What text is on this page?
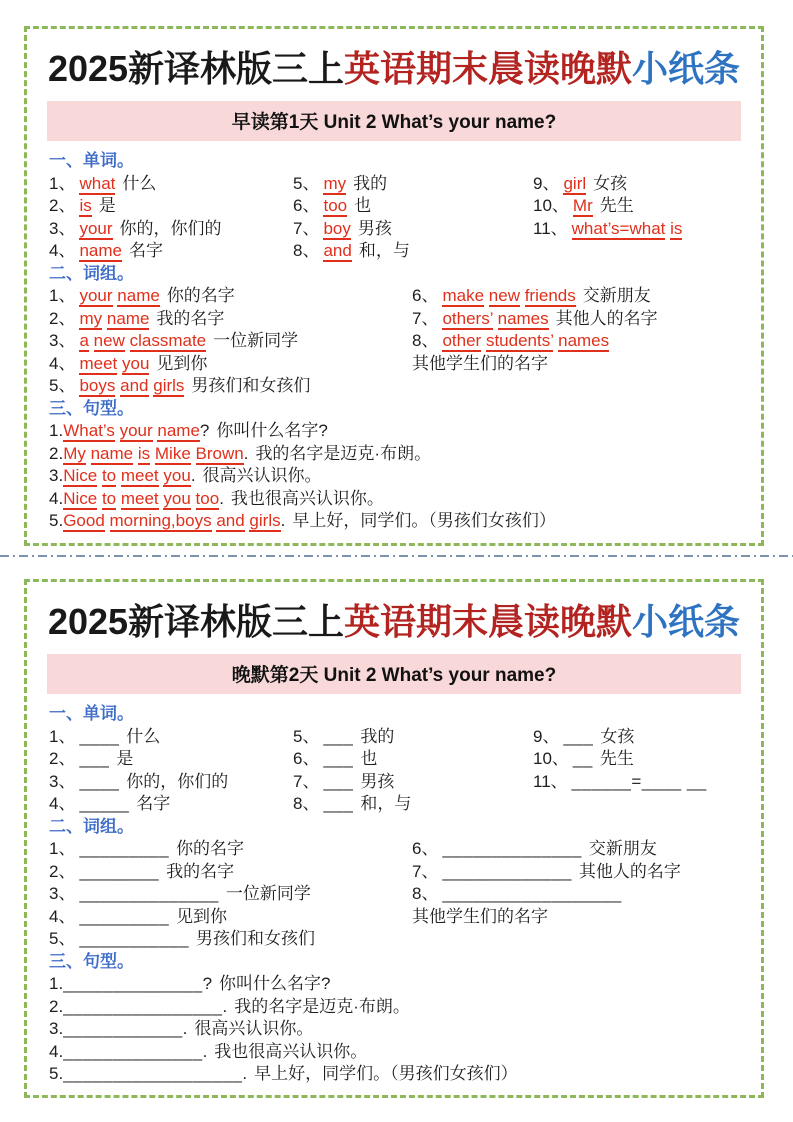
2025新译林版三上英语期末晨读晚默小纸条
早读第1天 Unit 2 What’s your name?
一、单词。
1、 what 什么
2、 is 是
3、 your 你的，你们的
4、 name 名字
5、 my 我的
6、 too 也
7、 boy 男孩
8、 and 和，与
9、 girl 女孩
10、 Mr 先生
11、 what’s=what is
二、词组。
1、 your name 你的名字
2、 my name 我的名字
3、 a new classmate 一位新同学
4、 meet you 见到你
5、 boys and girls 男孩们和女孩们
6、 make new friends 交新朋友
7、 others’ names 其他人的名字
8、 other students’ names
其他学生们的名字
三、句型。
1.What’s your name? 你叫什么名字?
2.My name is Mike Brown. 我的名字是迈克·布朗。
3.Nice to meet you. 很高兴认识你。
4.Nice to meet you too. 我也很高兴认识你。
5.Good morning,boys and girls. 早上好，同学们。（男孩们女孩们）
2025新译林版三上英语期末晨读晚默小纸条
晚默第2天 Unit 2 What’s your name?
一、单词。
1、 ____ 什么
2、 ___ 是
3、 ____ 你的，你们的
4、 _____ 名字
5、 ___ 我的
6、 ___ 也
7、 ___ 男孩
8、 ___ 和，与
9、 ___ 女孩
10、 __ 先生
11、 ______=____ __
二、词组。
1、 _________ 你的名字
2、 ________ 我的名字
3、 ______________ 一位新同学
4、 _________ 见到你
5、 ___________ 男孩们和女孩们
6、 ______________ 交新朋友
7、 _____________ 其他人的名字
8、 __________________
其他学生们的名字
三、句型。
1.______________? 你叫什么名字?
2.________________. 我的名字是迈克·布朗。
3.____________. 很高兴认识你。
4.______________. 我也很高兴认识你。
5.__________________. 早上好，同学们。（男孩们女孩们）
